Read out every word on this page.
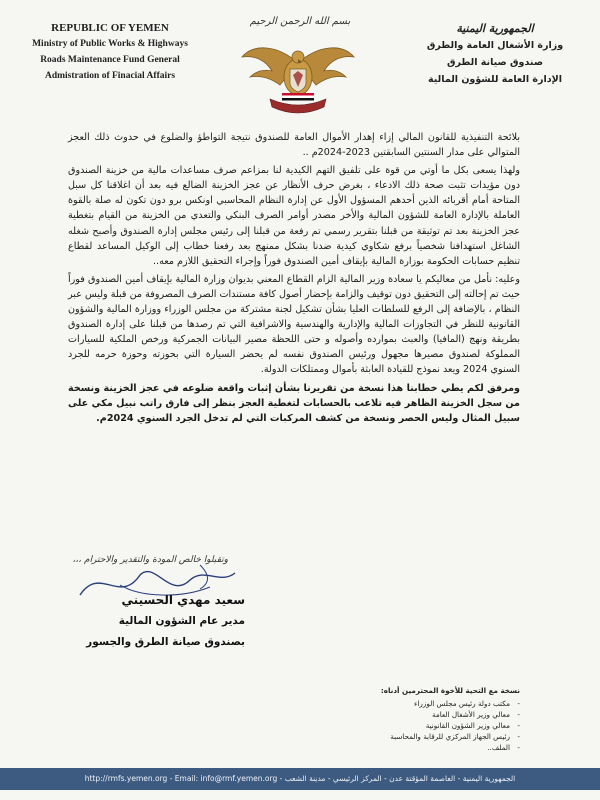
REPUBLIC OF YEMEN
Ministry of Public Works & Highways
Roads Maintenance Fund General
Admistration of Finacial Affairs
بسم الله الرحمن الرحيم
الجمهورية اليمنية
وزارة الأشغال العامة والطرق
صندوق صيانة الطرق
الإدارة العامة للشؤون المالية

بلائحة التنفيذية للقانون المالي إزاء إهدار الأموال العامة للصندوق نتيجة التواطؤ والضلوع في حدوث ذلك العجز المتوالي على مدار السنتين السابقتين 2023-2024م ..

ولهذا يسعى بكل ما أوتي من قوة على تلفيق التهم الكيدية لنا بمزاعم صرف مساعدات مالية من خزينة الصندوق دون مؤيدات تثبت صحة ذلك الادعاء ، بغرض حرف الأنظار عن عجز الخزينة الضالع فيه بعد أن اغلاقنا كل سبل المتاحة أمام أقربائه الذين أحدهم المسؤول الأول عن إدارة النظام المحاسبي اونكس برو دون تكون له صلة بالقوة العاملة بالإدارة العامة للشؤون المالية والأخر مصدر أوامر الصرف البنكي والتعدي من الخزينة من القيام بتغطية عجز الخزينة بعد تم توثيقة من قبلنا بتقرير رسمي تم رفعة من قبلنا إلى رئيس مجلس إدارة الصندوق وأصبح شغله الشاغل استهدافنا شخصياً برفع شكاوي كيدية ضدنا بشكل ممنهج بعد رفعنا خطاب إلى الوكيل المساعد لقطاع تنظيم حسابات الحكومة بوزارة المالية بإيقاف أمين الصندوق فوراً وإجراء التحقيق اللازم معه..

وعليه: نأمل من معاليكم يا سعادة وزير المالية الزام القطاع المعني بديوان وزارة المالية بإيقاف أمين الصندوق فوراً حيث تم إحالته إلى التحقيق دون توقيف والزامة بإحضار أصول كافة مستندات الصرف المصروفة من قبلة وليس عبر النظام ، بالإضافة إلى الرفع للسلطات العليا بشأن تشكيل لجنة مشتركة من مجلس الوزراء ووزارة المالية والشؤون القانونية للنظر في التجاوزات المالية والإدارية والهندسية والاشرافية التي تم رصدها من قبلنا على إدارة الصندوق بطريقة ونهج (المافيا) والعبث بموارده وأصوله و حتى اللحظة مصير البيانات الجمركية ورخص الملكية للسيارات المملوكة لصندوق مصيرها مجهول ورئيس الصندوق نفسه لم يحضر السيارة التي بحوزته وحوزة حرمه للجرد السنوي 2024 ويعد نموذج للقيادة العابثة بأموال وممتلكات الدولة.

ومرفق لكم يطي خطابنا هذا نسخة من تقريرنا بشأن إثبات واقعة ضلوعه في عجز الخزينة ونسخة من سجل الخزينة الظاهر فيه تلاعب بالحسابات لتغطية العجز بنظر إلى فارق راتب نبيل مكي على سبيل المثال وليس الحصر ونسخة من كشف المركبات التي لم تدخل الجرد السنوي 2024م.

وتقبلوا خالص المودة والتقدير والاحترام ،،،
سعيد مهدي الحسيني
مدير عام الشؤون المالية
بصندوق صيانة الطرق والجسور
نسخة مع التحية للأخوة المحترمين أدناه:
- مكتب دولة رئيس مجلس الوزراء
- معالي وزير الأشغال العامة
- معالي وزير الشؤون القانونية
- رئيس الجهاز المركزي للرقابة والمحاسبة
- الملف..
الجمهورية اليمنية - العاصمة المؤقتة عدن - المركز الرئيسي - مدينة الشعب - http://rmfs.yemen.org - Email: info@rmf.yemen.org
